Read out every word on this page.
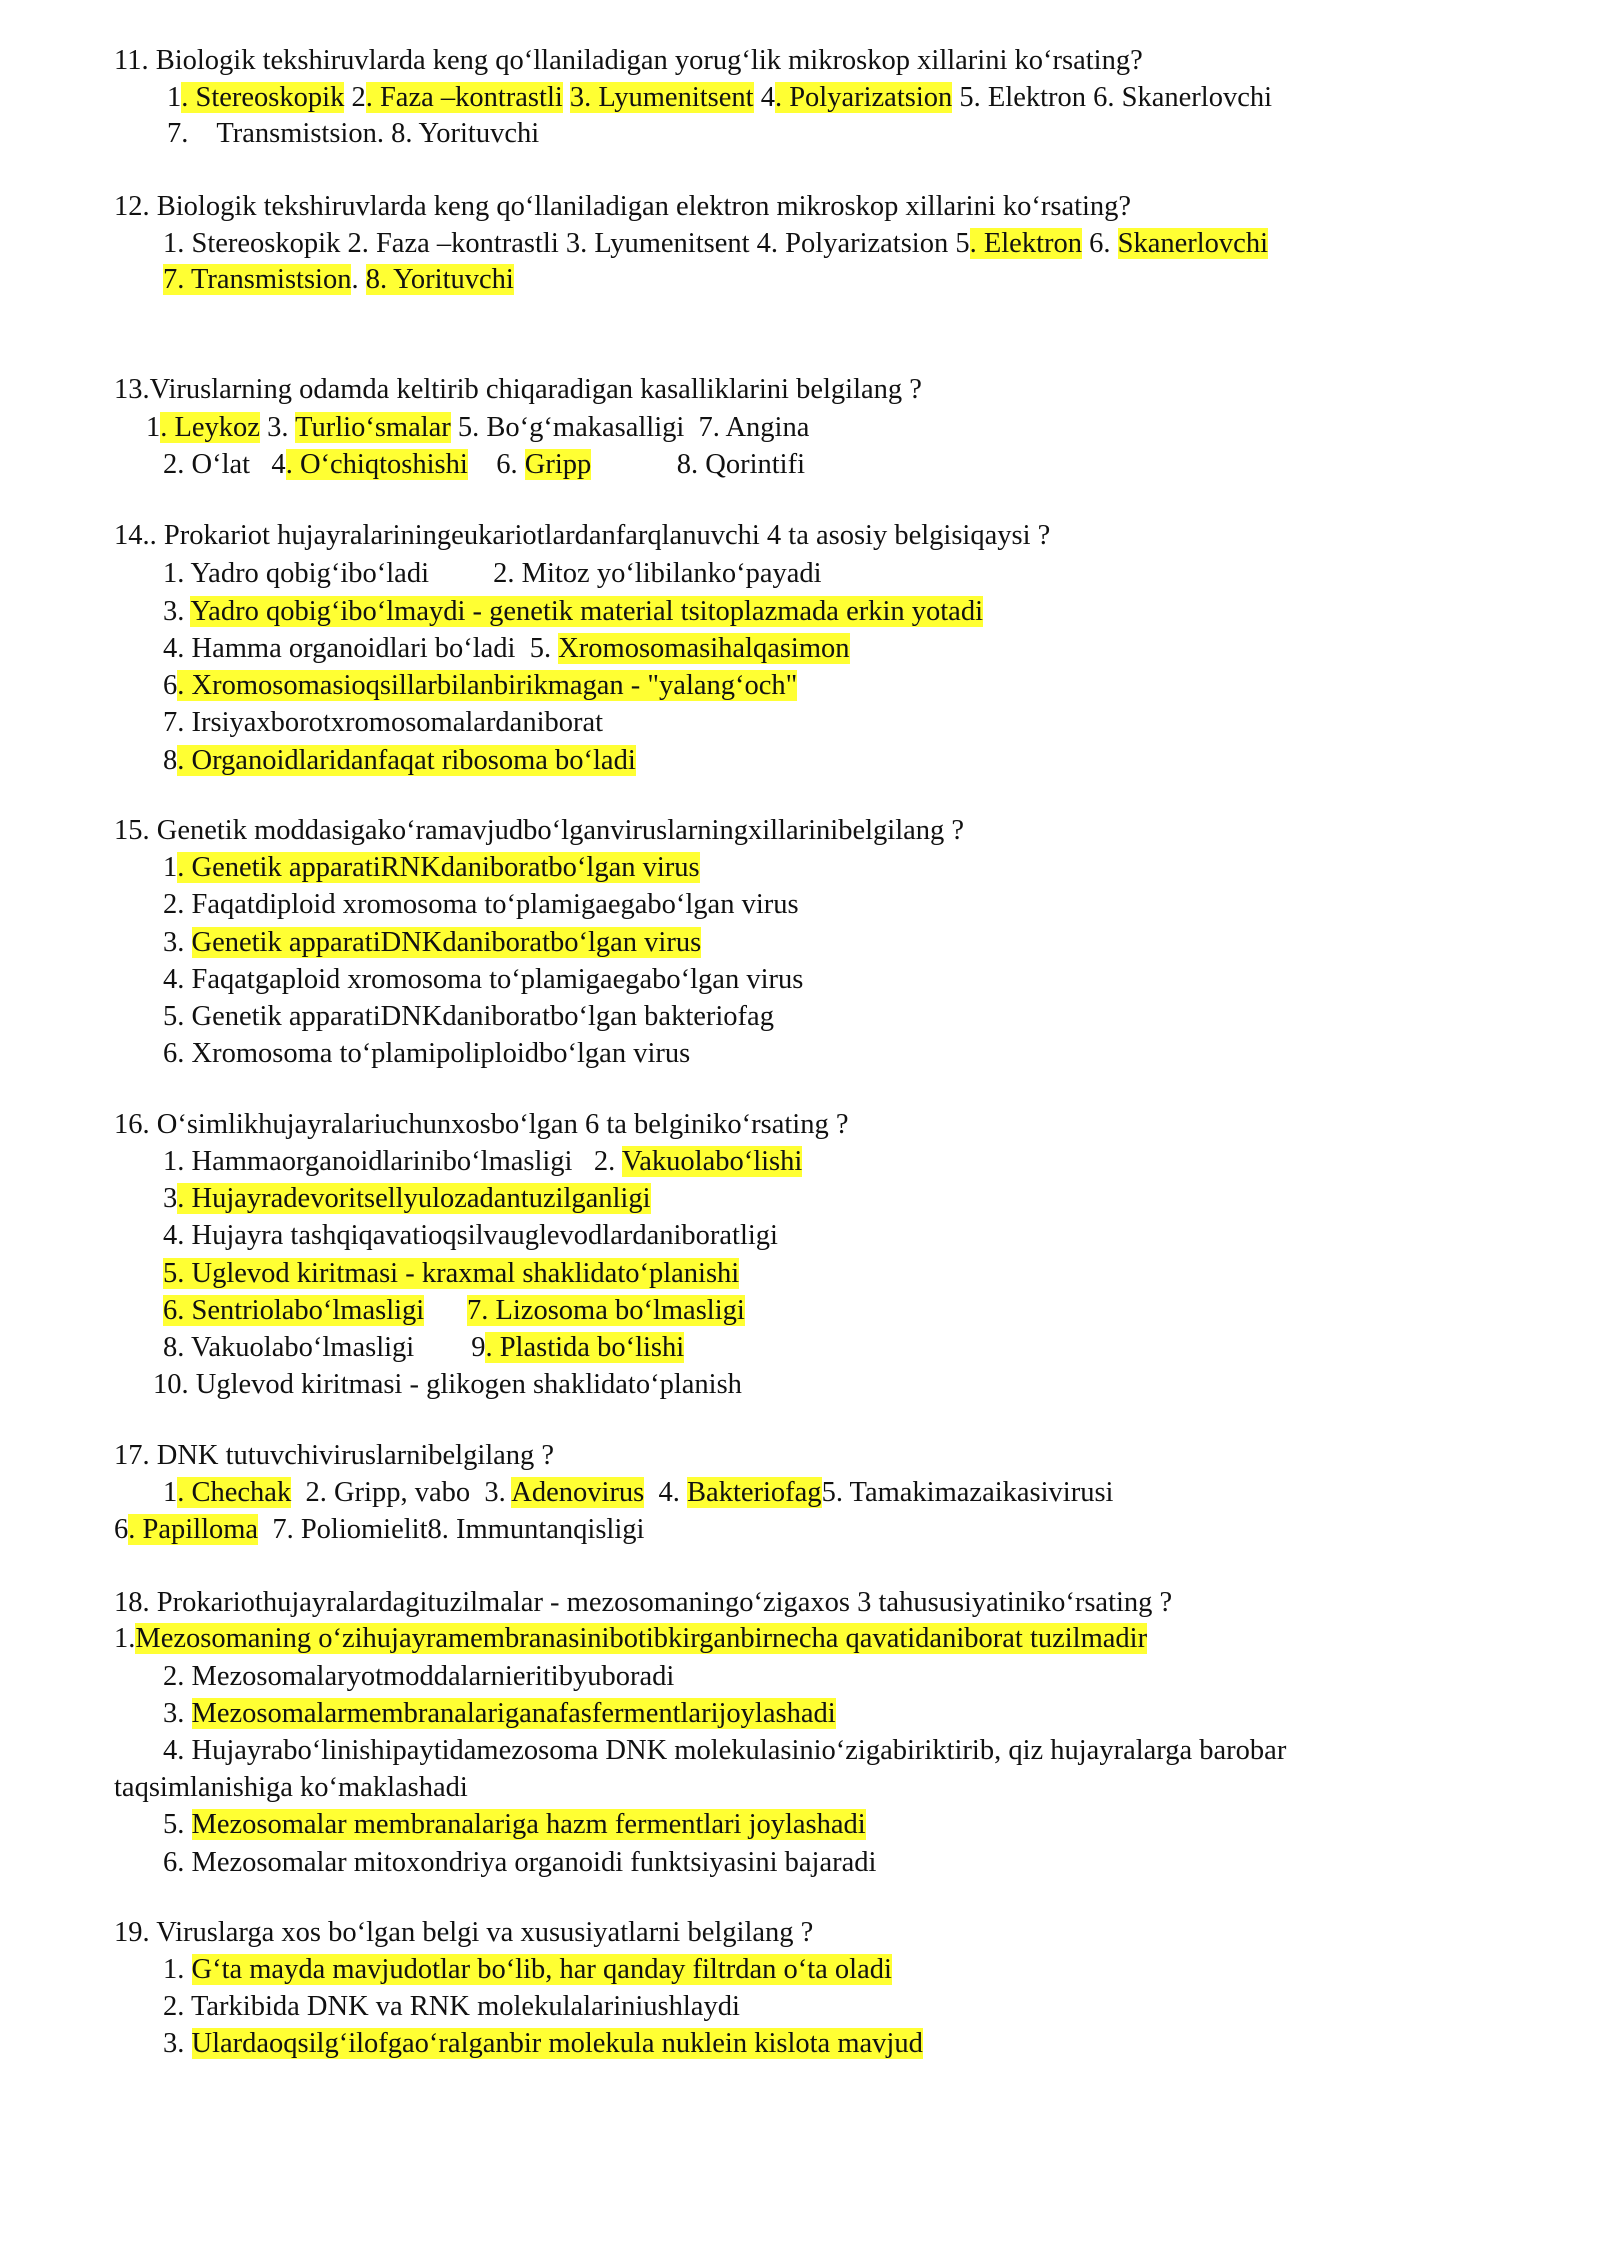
11. Biologik tekshiruvlarda keng qo‘llaniladigan yorug‘lik mikroskop xillarini ko‘rsating?
1. Stereoskopik 2. Faza –kontrastli 3. Lyumenitsent 4. Polyarizatsion 5. Elektron 6. Skanerlovchi
7.    Transmistsion. 8. Yorituvchi
12. Biologik tekshiruvlarda keng qo‘llaniladigan elektron mikroskop xillarini ko‘rsating?
1. Stereoskopik 2. Faza –kontrastli 3. Lyumenitsent 4. Polyarizatsion 5. Elektron 6. Skanerlovchi
7. Transmistsion. 8. Yorituvchi
13.Viruslarning odamda keltirib chiqaradigan kasalliklarini belgilang ?
1. Leykoz 3. Turlio‘smalar 5. Bo‘g‘makasalligi  7. Angina
2. O‘lat   4. O‘chiqtoshishi    6. Gripp            8. Qorintifi
14.. Prokariot hujayralariningeukariotlardanfarqlanuvchi 4 ta asosiy belgisiqaysi ?
1. Yadro qobig‘ibo‘ladi         2. Mitoz yo‘libilanko‘payadi
3. Yadro qobig‘ibo‘lmaydi - genetik material tsitoplazmada erkin yotadi
4. Hamma organoidlari bo‘ladi  5. Xromosomasihalqasimon
6. Xromosomasioqsillarbilanbirikmagan - "yalang‘och"
7. Irsiyaxborotxromosomalardaniborat
8. Organoidlaridanfaqat ribosoma bo‘ladi
15. Genetik moddasigako‘ramavjudbo‘lganviruslarningxillarinibelgilang ?
1. Genetik apparatiRNKdaniboratbo‘lgan virus
2. Faqatdiploid xromosoma to‘plamigaegabo‘lgan virus
3. Genetik apparatiDNKdaniboratbo‘lgan virus
4. Faqatgaploid xromosoma to‘plamigaegabo‘lgan virus
5. Genetik apparatiDNKdaniboratbo‘lgan bakteriofag
6. Xromosoma to‘plamipoliploidbo‘lgan virus
16. O‘simlikhujayralariuchunxosbo‘lgan 6 ta belginiko‘rsating ?
1. Hammaorganoidlarinibo‘lmasligi   2. Vakuolabo‘lishi
3. Hujayradevoritsellyulozadantuzilganligi
4. Hujayra tashqiqavatioqsilvauglevodlardaniboratligi
5. Uglevod kiritmasi - kraxmal shaklidato‘planishi
6. Sentriolabo‘lmasligi 7. Lizosoma bo‘lmasligi
8. Vakuolabo‘lmasligi        9. Plastida bo‘lishi
10. Uglevod kiritmasi - glikogen shaklidato‘planish
17. DNK tutuvchiviruslarnibelgilang ?
1. Chechak  2. Gripp, vabo  3. Adenovirus  4. Bakteriofag5. Tamakimazaikasivirusi
6. Papilloma  7. Poliomielit8. Immuntanqisligi
18. Prokariothujayralardagituzilmalar - mezosomaningo‘zigaxos 3 tahususiyatiniko‘rsating ?
1.Mezosomaning o‘zihujayramembranasinibotibkirganbirnecha qavatidaniborat tuzilmadir
2. Mezosomalaryotmoddalarnieritibyuboradi
3. Mezosomalarmembranalariganafasfermentlarijoylashadi
4. Hujayrabo‘linishipaytidamezosoma DNK molekulasinio‘zigabiriktirib, qiz hujayralarga barobar
taqsimlanishiga ko‘maklashadi
5. Mezosomalar membranalariga hazm fermentlari joylashadi
6. Mezosomalar mitoxondriya organoidi funktsiyasini bajaradi
19. Viruslarga xos bo‘lgan belgi va xususiyatlarni belgilang ?
1. G‘ta mayda mavjudotlar bo‘lib, har qanday filtrdan o‘ta oladi
2. Tarkibida DNK va RNK molekulalariniushlaydi
3. Ulardaoqsilg‘ilofgao‘ralganbir molekula nuklein kislota mavjud
